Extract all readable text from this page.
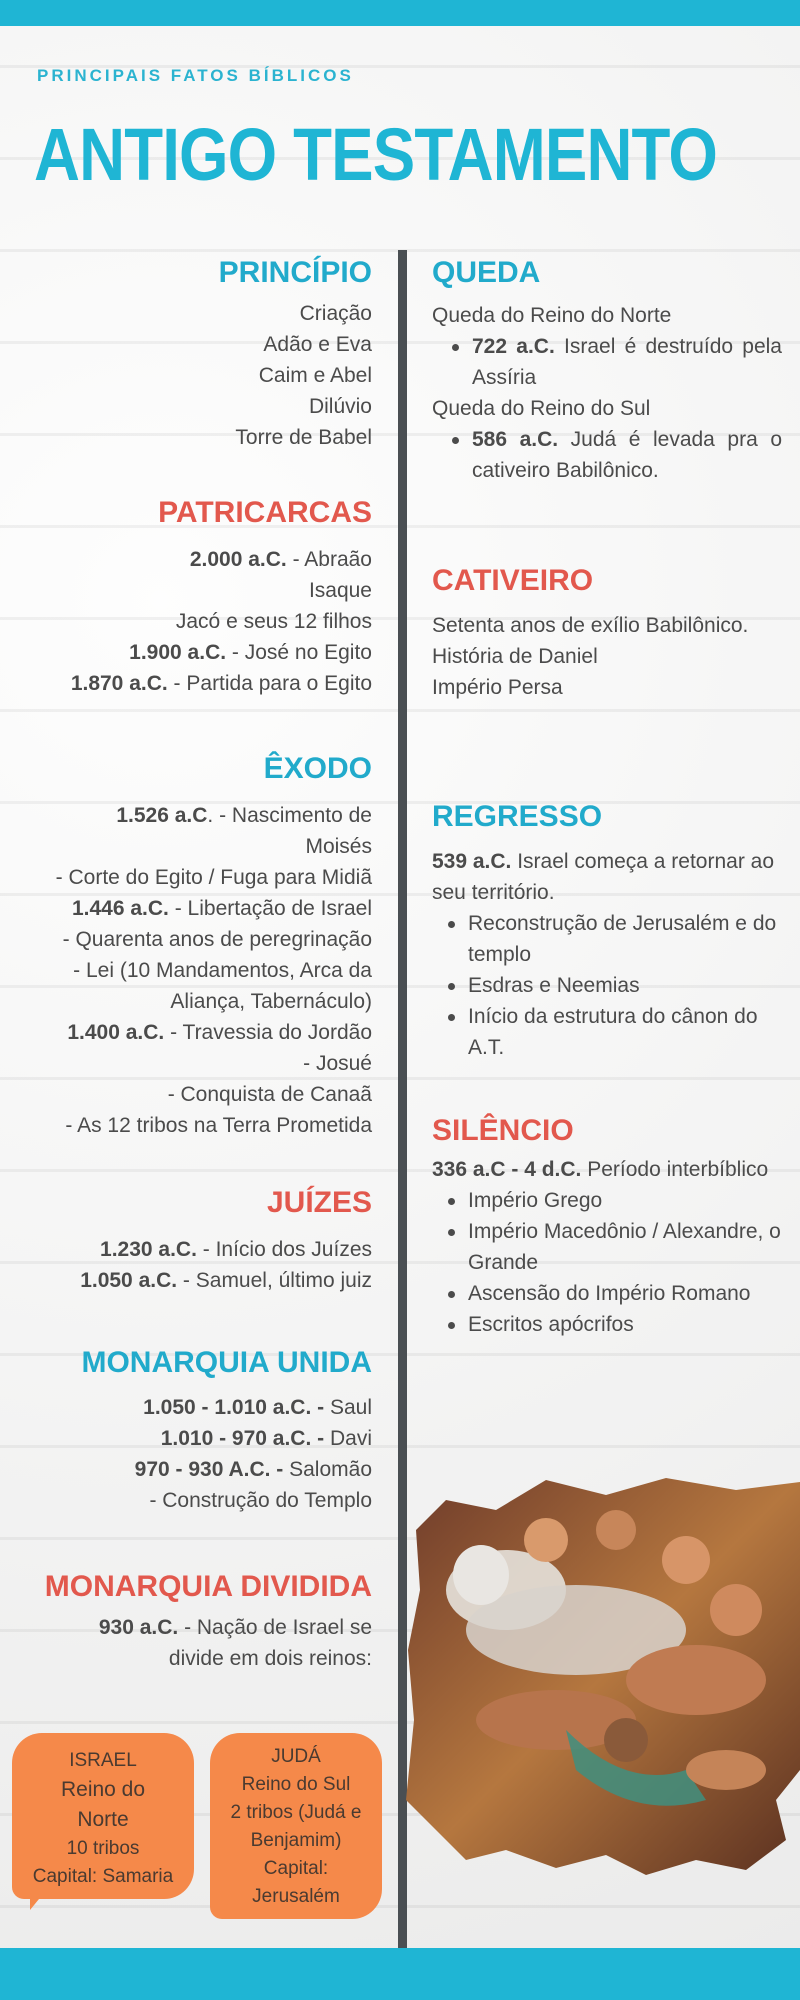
PRINCIPAIS FATOS BÍBLICOS
ANTIGO TESTAMENTO
PRINCÍPIO
Criação
Adão e Eva
Caim e Abel
Dilúvio
Torre de Babel
PATRICARCAS
2.000 a.C. - Abraão
Isaque
Jacó e seus 12 filhos
1.900 a.C. - José no Egito
1.870 a.C. - Partida para o Egito
ÊXODO
1.526 a.C. - Nascimento de
Moisés
- Corte do Egito / Fuga para Midiã
1.446 a.C. - Libertação de Israel
- Quarenta anos de peregrinação
- Lei (10 Mandamentos, Arca da
Aliança, Tabernáculo)
1.400 a.C. - Travessia do Jordão
- Josué
- Conquista de Canaã
- As 12 tribos na Terra Prometida
JUÍZES
1.230 a.C. - Início dos Juízes
1.050 a.C. - Samuel, último juiz
MONARQUIA UNIDA
1.050 - 1.010 a.C. - Saul
1.010 - 970 a.C. - Davi
970 - 930 A.C. - Salomão
- Construção do Templo
MONARQUIA DIVIDIDA
930 a.C. - Nação de Israel se
divide em dois reinos:
ISRAEL
Reino do
Norte
10 tribos
Capital: Samaria
JUDÁ
Reino do Sul
2 tribos (Judá e
Benjamim)
Capital:
Jerusalém
QUEDA
Queda do Reino do Norte
722 a.C. Israel é destruído pela Assíria
Queda do Reino do Sul
586 a.C. Judá é levada pra o cativeiro Babilônico.
CATIVEIRO
Setenta anos de exílio Babilônico.
História de Daniel
Império Persa
REGRESSO
539 a.C. Israel começa a retornar ao seu território.
Reconstrução de Jerusalém e do templo
Esdras e Neemias
Início da estrutura do cânon do A.T.
SILÊNCIO
336 a.C - 4 d.C. Período interbíblico
Império Grego
Império Macedônio / Alexandre, o Grande
Ascensão do Império Romano
Escritos apócrifos
